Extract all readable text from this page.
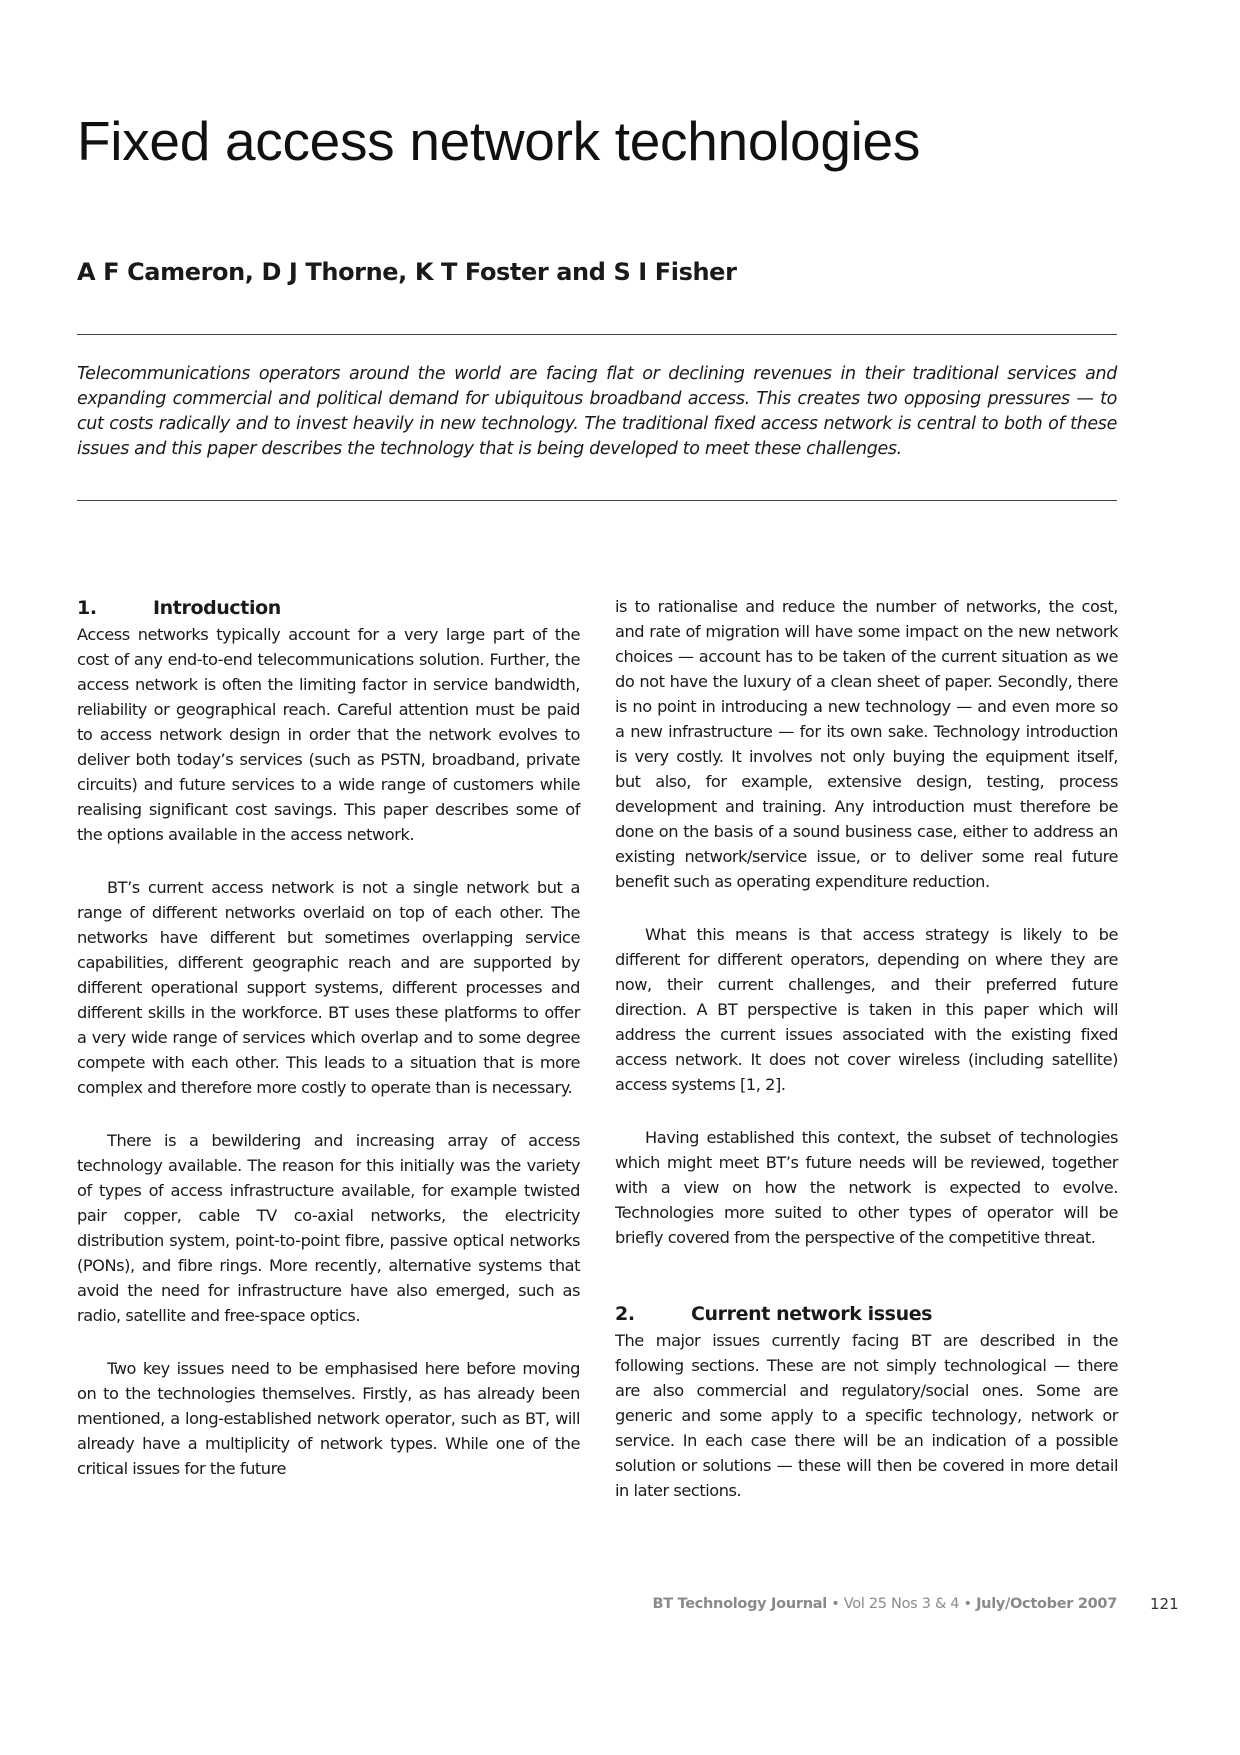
Fixed access network technologies
A F Cameron, D J Thorne, K T Foster and S I Fisher

Telecommunications operators around the world are facing flat or declining revenues in their traditional services and expanding commercial and political demand for ubiquitous broadband access. This creates two opposing pressures — to cut costs radically and to invest heavily in new technology. The traditional fixed access network is central to both of these issues and this paper describes the technology that is being developed to meet these challenges.

1.	Introduction

Access networks typically account for a very large part of the cost of any end-to-end telecommunications solution. Further, the access network is often the limiting factor in service bandwidth, reliability or geographical reach. Careful attention must be paid to access network design in order that the network evolves to deliver both today’s services (such as PSTN, broadband, private circuits) and future services to a wide range of customers while realising significant cost savings. This paper describes some of the options available in the access network.

BT’s current access network is not a single network but a range of different networks overlaid on top of each other. The networks have different but sometimes overlapping service capabilities, different geographic reach and are supported by different operational support systems, different processes and different skills in the workforce. BT uses these platforms to offer a very wide range of services which overlap and to some degree compete with each other. This leads to a situation that is more complex and therefore more costly to operate than is necessary.

There is a bewildering and increasing array of access technology available. The reason for this initially was the variety of types of access infrastructure available, for example twisted pair copper, cable TV co-axial networks, the electricity distribution system, point-to-point fibre, passive optical networks (PONs), and fibre rings. More recently, alternative systems that avoid the need for infrastructure have also emerged, such as radio, satellite and free-space optics.

Two key issues need to be emphasised here before moving on to the technologies themselves. Firstly, as has already been mentioned, a long-established network operator, such as BT, will already have a multiplicity of network types. While one of the critical issues for the future

is to rationalise and reduce the number of networks, the cost, and rate of migration will have some impact on the new network choices — account has to be taken of the current situation as we do not have the luxury of a clean sheet of paper. Secondly, there is no point in introducing a new technology — and even more so a new infrastructure — for its own sake. Technology introduction is very costly. It involves not only buying the equipment itself, but also, for example, extensive design, testing, process development and training. Any introduction must therefore be done on the basis of a sound business case, either to address an existing network/service issue, or to deliver some real future benefit such as operating expenditure reduction.

What this means is that access strategy is likely to be different for different operators, depending on where they are now, their current challenges, and their preferred future direction. A BT perspective is taken in this paper which will address the current issues associated with the existing fixed access network. It does not cover wireless (including satellite) access systems [1, 2].

Having established this context, the subset of technologies which might meet BT’s future needs will be reviewed, together with a view on how the network is expected to evolve. Technologies more suited to other types of operator will be briefly covered from the perspective of the competitive threat.

2.	Current network issues

The major issues currently facing BT are described in the following sections. These are not simply technological — there are also commercial and regulatory/social ones. Some are generic and some apply to a specific technology, network or service. In each case there will be an indication of a possible solution or solutions — these will then be covered in more detail in later sections.

BT Technology Journal • Vol 25 Nos 3 & 4 • July/October 2007 121
